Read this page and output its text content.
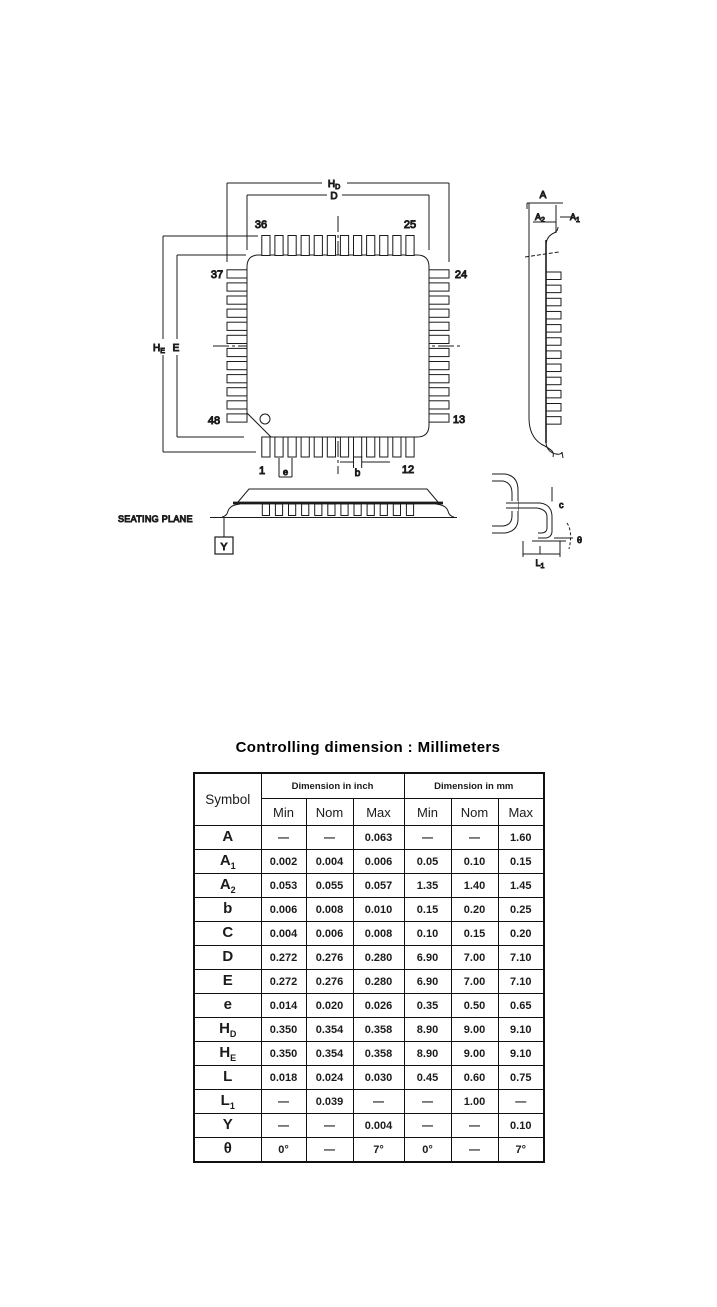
$H_D$
D
$H_E$ E
36	25
37	24
48	13
1	12
e	b
A
$A_2$	$A_1$
Y
SEATING PLANE
c
θ
$L_1$
Controlling dimension : Millimeters
Symbol	Dimension in inch			Dimension in mm		
	Min	Nom	Max	Min	Nom	Max
A	—	—	0.063	—	—	1.60
$A_1$	0.002	0.004	0.006	0.05	0.10	0.15
$A_2$	0.053	0.055	0.057	1.35	1.40	1.45
b	0.006	0.008	0.010	0.15	0.20	0.25
C	0.004	0.006	0.008	0.10	0.15	0.20
D	0.272	0.276	0.280	6.90	7.00	7.10
E	0.272	0.276	0.280	6.90	7.00	7.10
e	0.014	0.020	0.026	0.35	0.50	0.65
$H_D$	0.350	0.354	0.358	8.90	9.00	9.10
$H_E$	0.350	0.354	0.358	8.90	9.00	9.10
L	0.018	0.024	0.030	0.45	0.60	0.75
$L_1$	—	0.039	—	—	1.00	—
Y	—	—	0.004	—	—	0.10
θ	0°	—	7°	0°	—	7°
